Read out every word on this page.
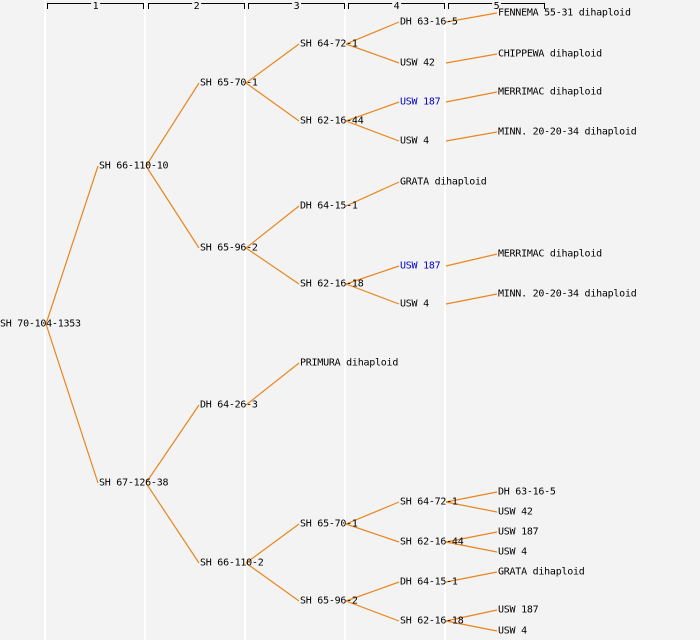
1	2	3	4	5
FENNEMA 55-31 dihaploid
DH 63-16-5
SH 64-72-1
CHIPPEWA dihaploid
USW 42
SH 65-70-1
MERRIMAC dihaploid
USW 187
SH 62-16-44
MINN. 20-20-34 dihaploid
USW 4
SH 66-110-10
GRATA dihaploid
DH 64-15-1
SH 65-96-2
MERRIMAC dihaploid
USW 187
SH 62-16-18
USW 4
MINN. 20-20-34 dihaploid
SH 70-104-1353
PRIMURA dihaploid
DH 64-26-3
SH 67-126-38
DH 63-16-5
SH 64-72-1
USW 42
SH 65-70-1
USW 187
SH 62-16-44
USW 4
SH 66-110-2
GRATA dihaploid
DH 64-15-1
SH 65-96-2
USW 187
SH 62-16-18
USW 4
